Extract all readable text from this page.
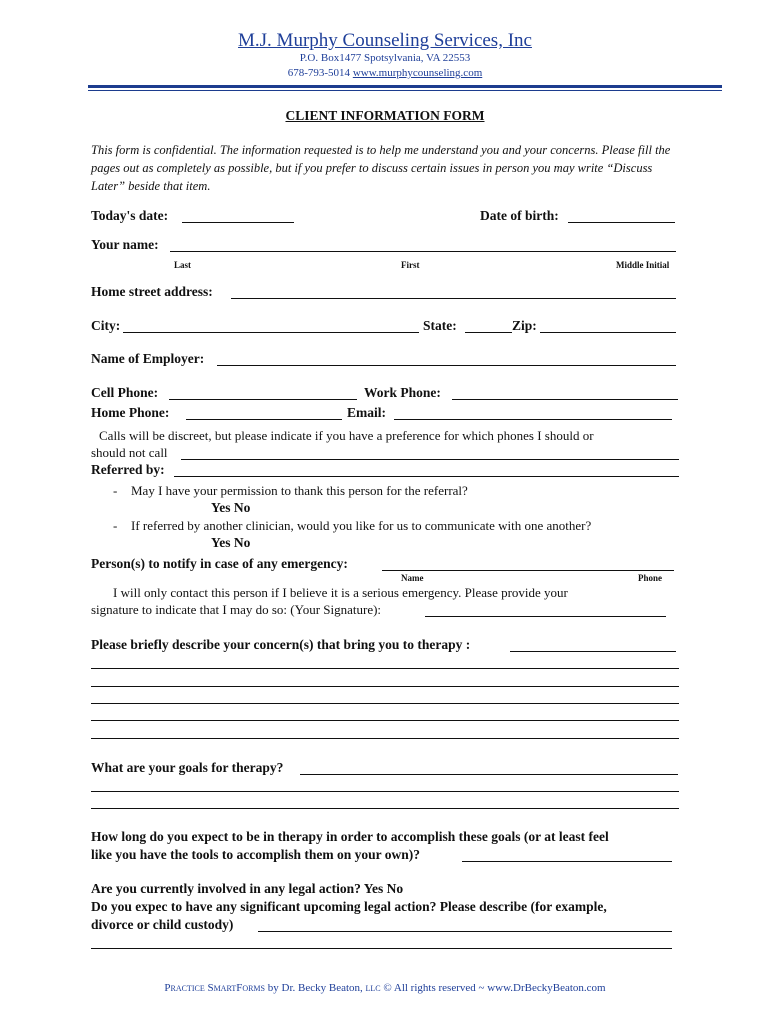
M.J. Murphy Counseling Services, Inc
P.O. Box1477 Spotsylvania, VA 22553
678-793-5014 www.murphycounseling.com
CLIENT INFORMATION FORM
This form is confidential. The information requested is to help me understand you and your concerns. Please fill the pages out as completely as possible, but if you prefer to discuss certain issues in person you may write “Discuss Later” beside that item.
Today's date:	Date of birth:
Your name:
Last	First	Middle Initial
Home street address:
City:	State:	Zip:
Name of Employer:
Cell Phone:	Work Phone:
Home Phone:	Email:
Calls will be discreet, but please indicate if you have a preference for which phones I should or
should not call
Referred by:
- May I have your permission to thank this person for the referral?
Yes No
- If referred by another clinician, would you like for us to communicate with one another?
Yes No
Person(s) to notify in case of any emergency:
Name	Phone
I will only contact this person if I believe it is a serious emergency. Please provide your
signature to indicate that I may do so: (Your Signature):
Please briefly describe your concern(s) that bring you to therapy :
What are your goals for therapy?
How long do you expect to be in therapy in order to accomplish these goals (or at least feel
like you have the tools to accomplish them on your own)?
Are you currently involved in any legal action? Yes No
Do you expec to have any significant upcoming legal action? Please describe (for example,
divorce or child custody)
Practice SmartForms by Dr. Becky Beaton, llc © All rights reserved ~ www.DrBeckyBeaton.com
